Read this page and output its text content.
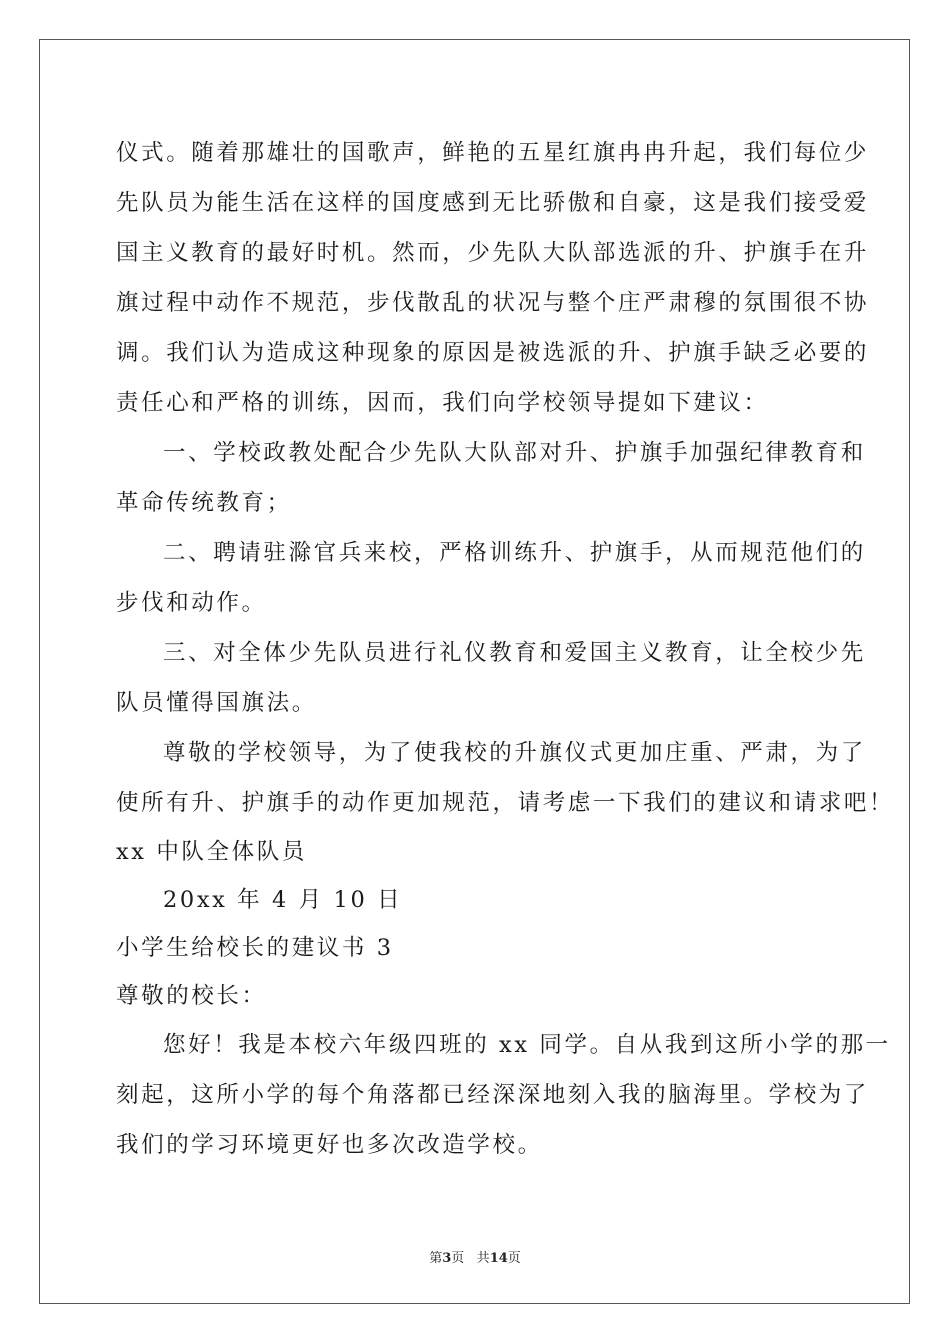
仪式。随着那雄壮的国歌声，鲜艳的五星红旗冉冉升起，我们每位少
先队员为能生活在这样的国度感到无比骄傲和自豪，这是我们接受爱
国主义教育的最好时机。然而，少先队大队部选派的升、护旗手在升
旗过程中动作不规范，步伐散乱的状况与整个庄严肃穆的氛围很不协
调。我们认为造成这种现象的原因是被选派的升、护旗手缺乏必要的
责任心和严格的训练，因而，我们向学校领导提如下建议：
一、学校政教处配合少先队大队部对升、护旗手加强纪律教育和
革命传统教育；
二、聘请驻滁官兵来校，严格训练升、护旗手，从而规范他们的
步伐和动作。
三、对全体少先队员进行礼仪教育和爱国主义教育，让全校少先
队员懂得国旗法。
尊敬的学校领导，为了使我校的升旗仪式更加庄重、严肃，为了
使所有升、护旗手的动作更加规范，请考虑一下我们的建议和请求吧！
xx 中队全体队员
20xx 年 4 月 10 日
小学生给校长的建议书 3
尊敬的校长：
您好！我是本校六年级四班的 xx 同学。自从我到这所小学的那一
刻起，这所小学的每个角落都已经深深地刻入我的脑海里。学校为了
我们的学习环境更好也多次改造学校。
第3页 共14页
